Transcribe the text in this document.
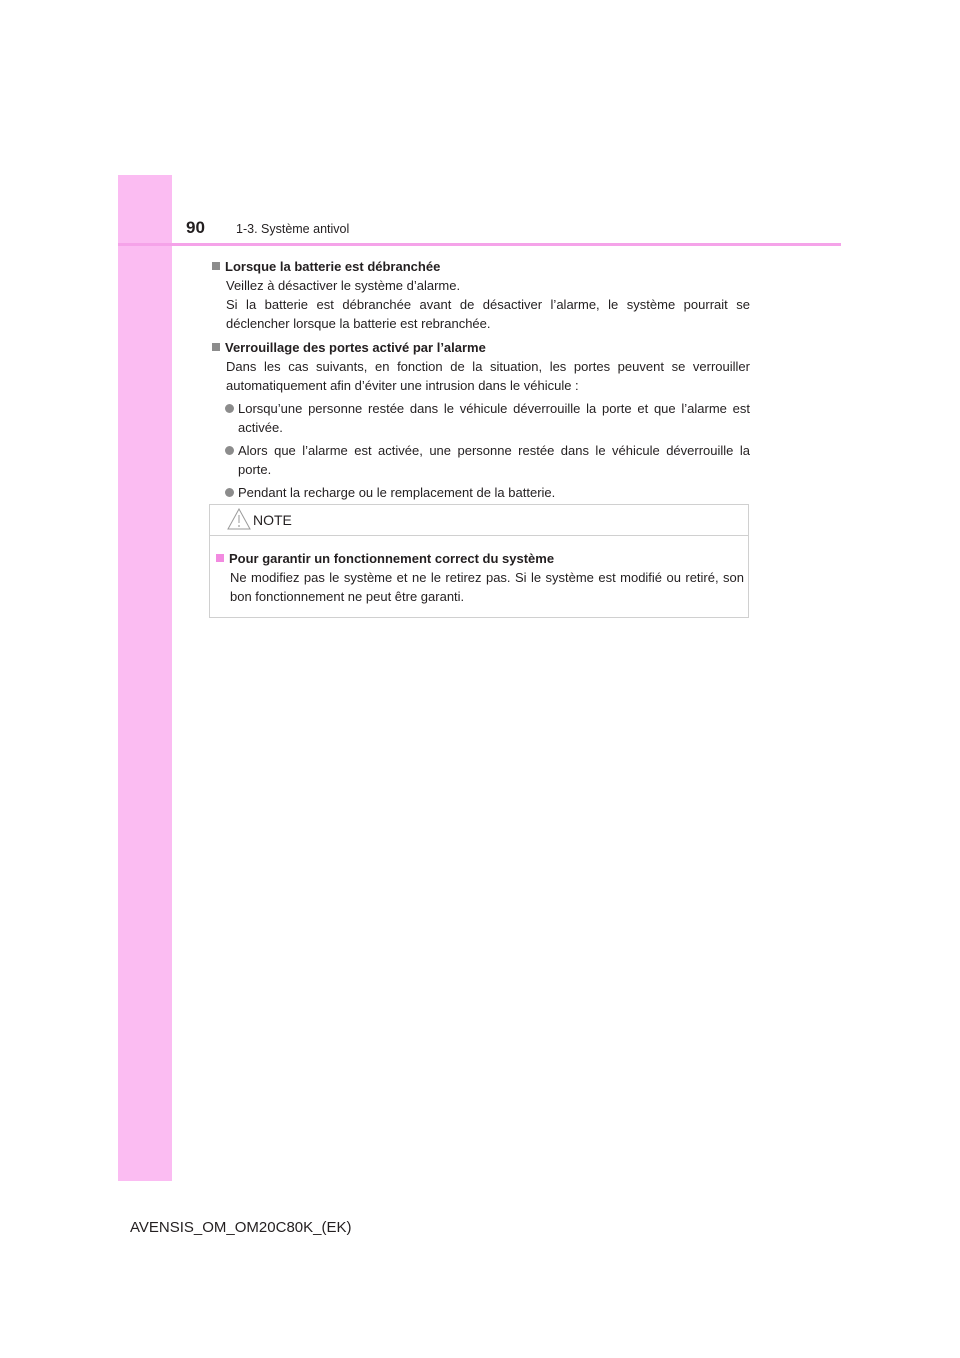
90 1-3. Système antivol
Lorsque la batterie est débranchée
Veillez à désactiver le système d’alarme.
Si la batterie est débranchée avant de désactiver l’alarme, le système pourrait se
déclencher lorsque la batterie est rebranchée.
Verrouillage des portes activé par l’alarme
Dans les cas suivants, en fonction de la situation, les portes peuvent se verrouiller
automatiquement afin d’éviter une intrusion dans le véhicule :
Lorsqu’une personne restée dans le véhicule déverrouille la porte et que l’alarme est activée.
Alors que l’alarme est activée, une personne restée dans le véhicule déverrouille la porte.
Pendant la recharge ou le remplacement de la batterie.
NOTE
Pour garantir un fonctionnement correct du système
Ne modifiez pas le système et ne le retirez pas. Si le système est modifié ou retiré, son bon fonctionnement ne peut être garanti.
AVENSIS_OM_OM20C80K_(EK)
